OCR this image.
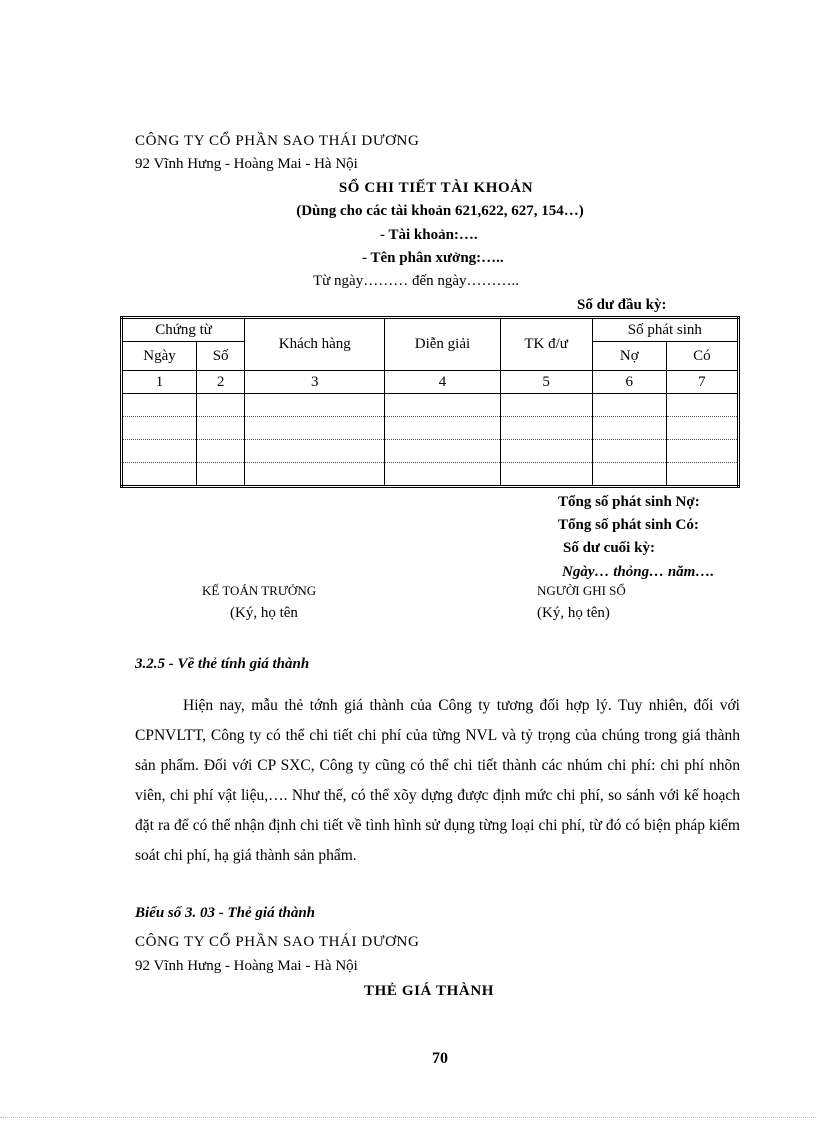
CÔNG TY CỔ PHẦN SAO THÁI DƯƠNG
92 Vĩnh Hưng - Hoàng Mai - Hà Nội
SỔ CHI TIẾT TÀI KHOẢN
(Dùng cho các tài khoản 621,622, 627, 154…)
- Tài khoản:….
- Tên phân xưởng:…..
Từ ngày……… đến ngày………..
Số dư đầu kỳ:
Chứng từ		Khách hàng	Diễn giải	TK đ/ư	Số phát sinh	
Ngày	Số				Nợ	Có
1	2	3	4	5	6	7

Tổng số phát sinh Nợ:
Tổng số phát sinh Có:
Số dư cuối kỳ:
Ngày… thỏng… năm….
KẾ TOÁN TRƯỞNG
(Ký, họ tên
NGƯỜI GHI SỔ
(Ký, họ tên)
3.2.5 - Về thẻ tính giá thành

Hiện nay, mẫu thẻ tớnh giá thành của Công ty tương đối hợp lý. Tuy nhiên, đối với CPNVLTT, Công ty có thể chi tiết chi phí của từng NVL và tỷ trọng của chúng trong giá thành sản phẩm. Đối với CP SXC, Công ty cũng có thể chi tiết thành các nhúm chi phí: chi phí nhõn viên, chi phí vật liệu,…. Như thế, có thể xõy dựng được định mức chi phí, so sánh với kế hoạch đặt ra để có thể nhận định chi tiết về tình hình sử dụng từng loại chi phí, từ đó có biện pháp kiểm soát chi phí, hạ giá thành sản phẩm.

Biểu số 3. 03 - Thẻ giá thành
CÔNG TY CỔ PHẦN SAO THÁI DƯƠNG
92 Vĩnh Hưng - Hoàng Mai - Hà Nội
THẺ GIÁ THÀNH
70
